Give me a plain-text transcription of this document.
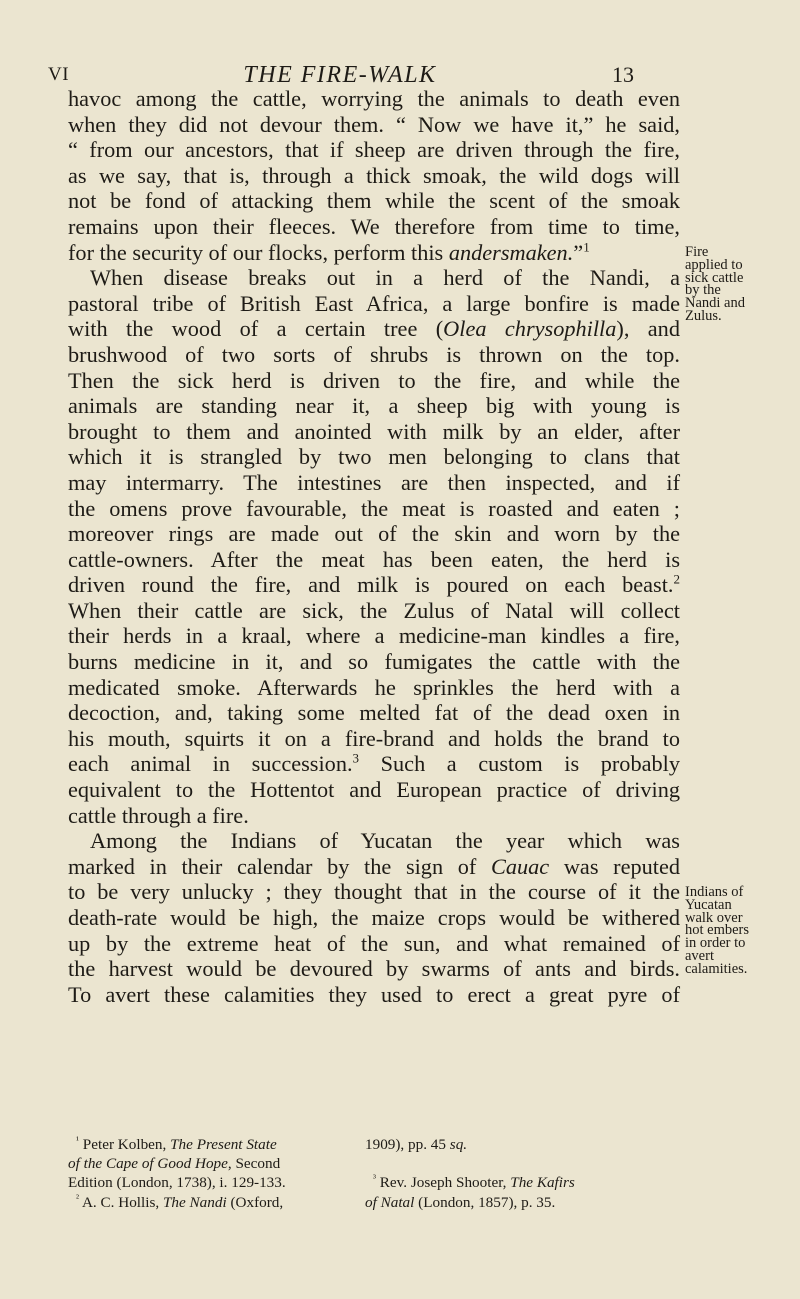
VI	THE FIRE-WALK	13
havoc among the cattle, worrying the animals to death even
when they did not devour them. “ Now we have it,” he said,
“ from our ancestors, that if sheep are driven through the fire,
as we say, that is, through a thick smoak, the wild dogs will
not be fond of attacking them while the scent of the smoak
remains upon their fleeces. We therefore from time to time,
for the security of our flocks, perform this andersmaken.”$^1$
When disease breaks out in a herd of the Nandi, a
pastoral tribe of British East Africa, a large bonfire is made
with the wood of a certain tree (Olea chrysophilla), and
brushwood of two sorts of shrubs is thrown on the top.
Then the sick herd is driven to the fire, and while the
animals are standing near it, a sheep big with young is
brought to them and anointed with milk by an elder, after
which it is strangled by two men belonging to clans that
may intermarry. The intestines are then inspected, and if
the omens prove favourable, the meat is roasted and eaten ;
moreover rings are made out of the skin and worn by the
cattle-owners. After the meat has been eaten, the herd is
driven round the fire, and milk is poured on each beast.$^2$
When their cattle are sick, the Zulus of Natal will collect
their herds in a kraal, where a medicine-man kindles a fire,
burns medicine in it, and so fumigates the cattle with the
medicated smoke. Afterwards he sprinkles the herd with a
decoction, and, taking some melted fat of the dead oxen in
his mouth, squirts it on a fire-brand and holds the brand to
each animal in succession.$^3$ Such a custom is probably
equivalent to the Hottentot and European practice of driving
cattle through a fire.
Among the Indians of Yucatan the year which was
marked in their calendar by the sign of Cauac was reputed
to be very unlucky ; they thought that in the course of it the
death-rate would be high, the maize crops would be withered
up by the extreme heat of the sun, and what remained of
the harvest would be devoured by swarms of ants and birds.
To avert these calamities they used to erect a great pyre of
Fire
applied to
sick cattle
by the
Nandi and
Zulus.
Indians of
Yucatan
walk over
hot embers
in order to
avert
calamities.
$^{^1}$ Peter Kolben, The Present State
of the Cape of Good Hope, Second
Edition (London, 1738), i. 129-133.
$^{^2}$ A. C. Hollis, The Nandi (Oxford,
1909), pp. 45 sq.
$^{^3}$ Rev. Joseph Shooter, The Kafirs
of Natal (London, 1857), p. 35.
